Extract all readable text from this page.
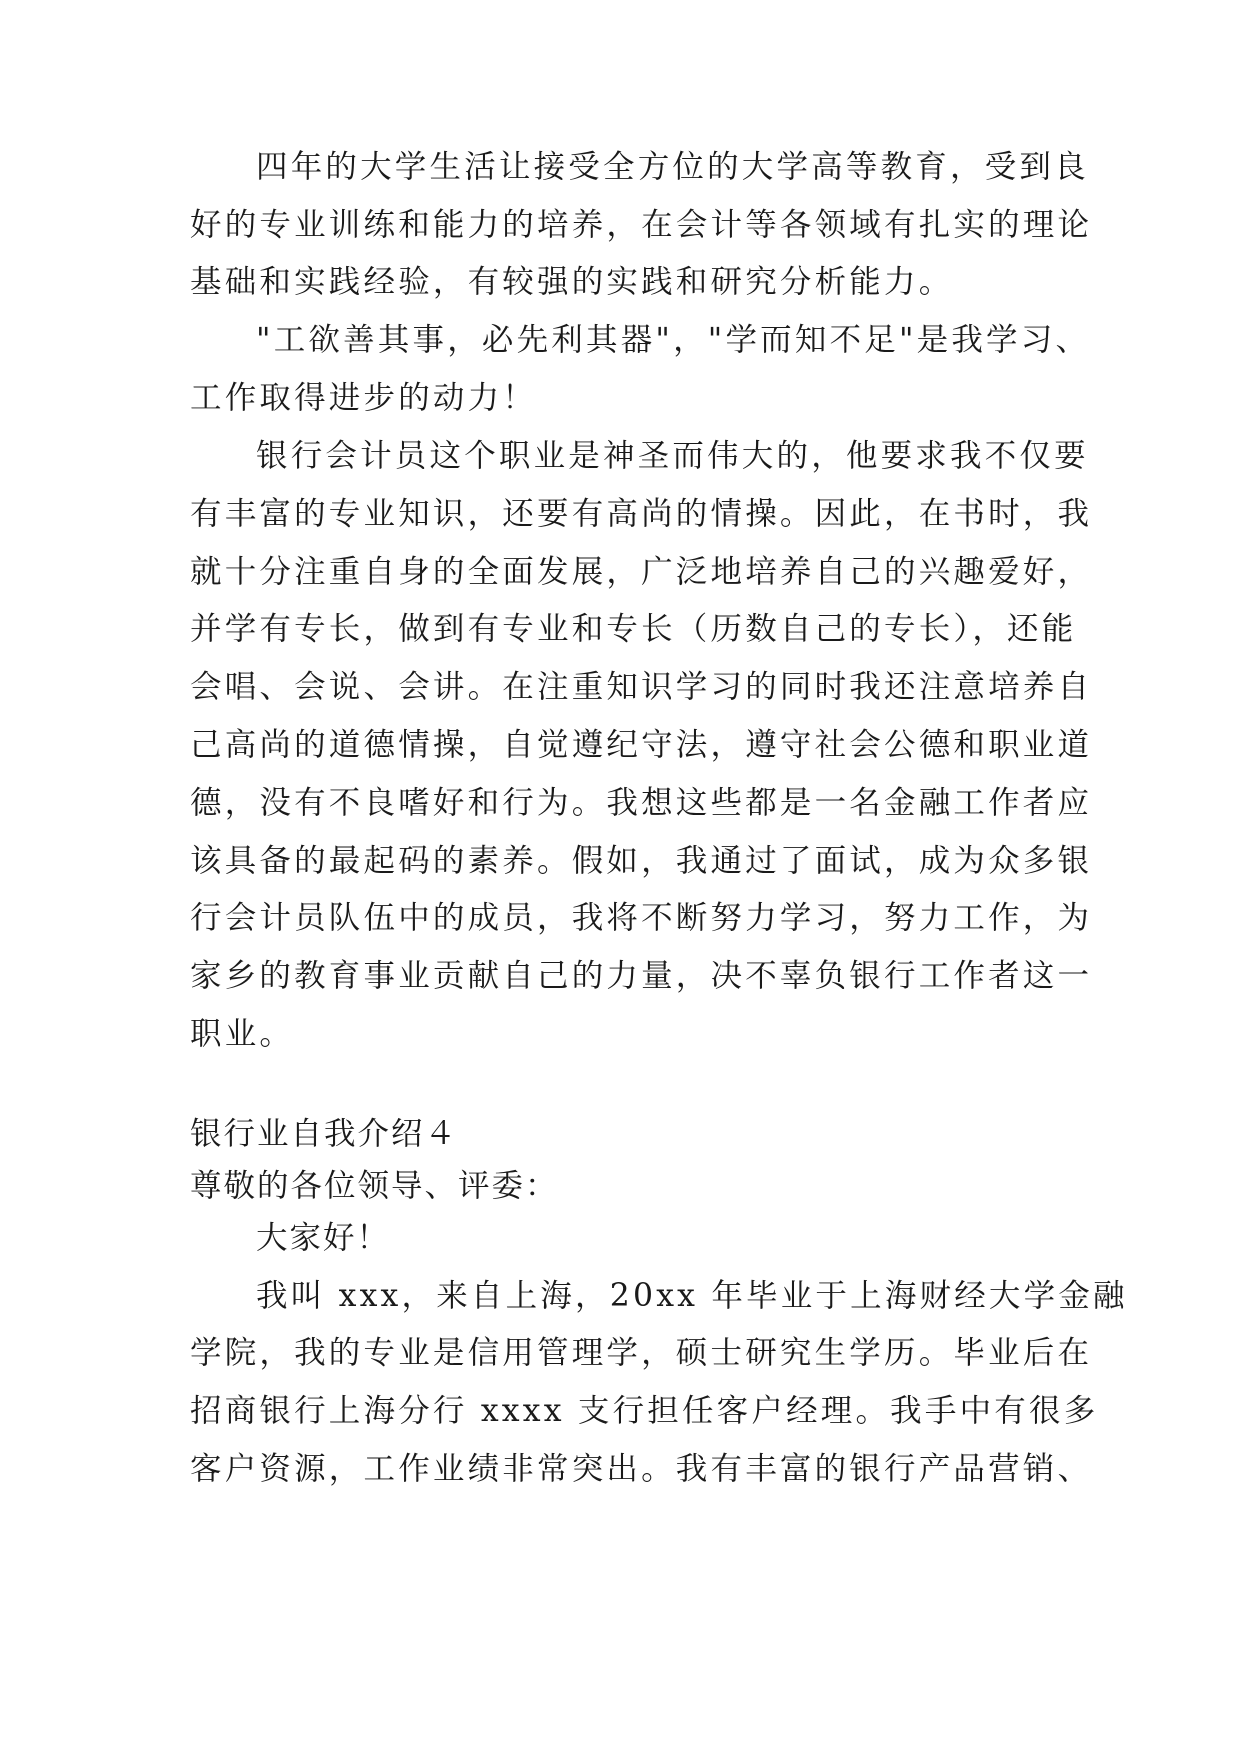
四年的大学生活让接受全方位的大学高等教育，受到良
好的专业训练和能力的培养，在会计等各领域有扎实的理论
基础和实践经验，有较强的实践和研究分析能力。
"工欲善其事，必先利其器"，"学而知不足"是我学习、
工作取得进步的动力！
银行会计员这个职业是神圣而伟大的，他要求我不仅要
有丰富的专业知识，还要有高尚的情操。因此，在书时，我
就十分注重自身的全面发展，广泛地培养自己的兴趣爱好，
并学有专长，做到有专业和专长（历数自己的专长），还能
会唱、会说、会讲。在注重知识学习的同时我还注意培养自
己高尚的道德情操，自觉遵纪守法，遵守社会公德和职业道
德，没有不良嗜好和行为。我想这些都是一名金融工作者应
该具备的最起码的素养。假如，我通过了面试，成为众多银
行会计员队伍中的成员，我将不断努力学习，努力工作，为
家乡的教育事业贡献自己的力量，决不辜负银行工作者这一
职业。
银行业自我介绍４
尊敬的各位领导、评委：
大家好！
我叫 xxx，来自上海，20xx 年毕业于上海财经大学金融
学院，我的专业是信用管理学，硕士研究生学历。毕业后在
招商银行上海分行 xxxx 支行担任客户经理。我手中有很多
客户资源，工作业绩非常突出。我有丰富的银行产品营销、
